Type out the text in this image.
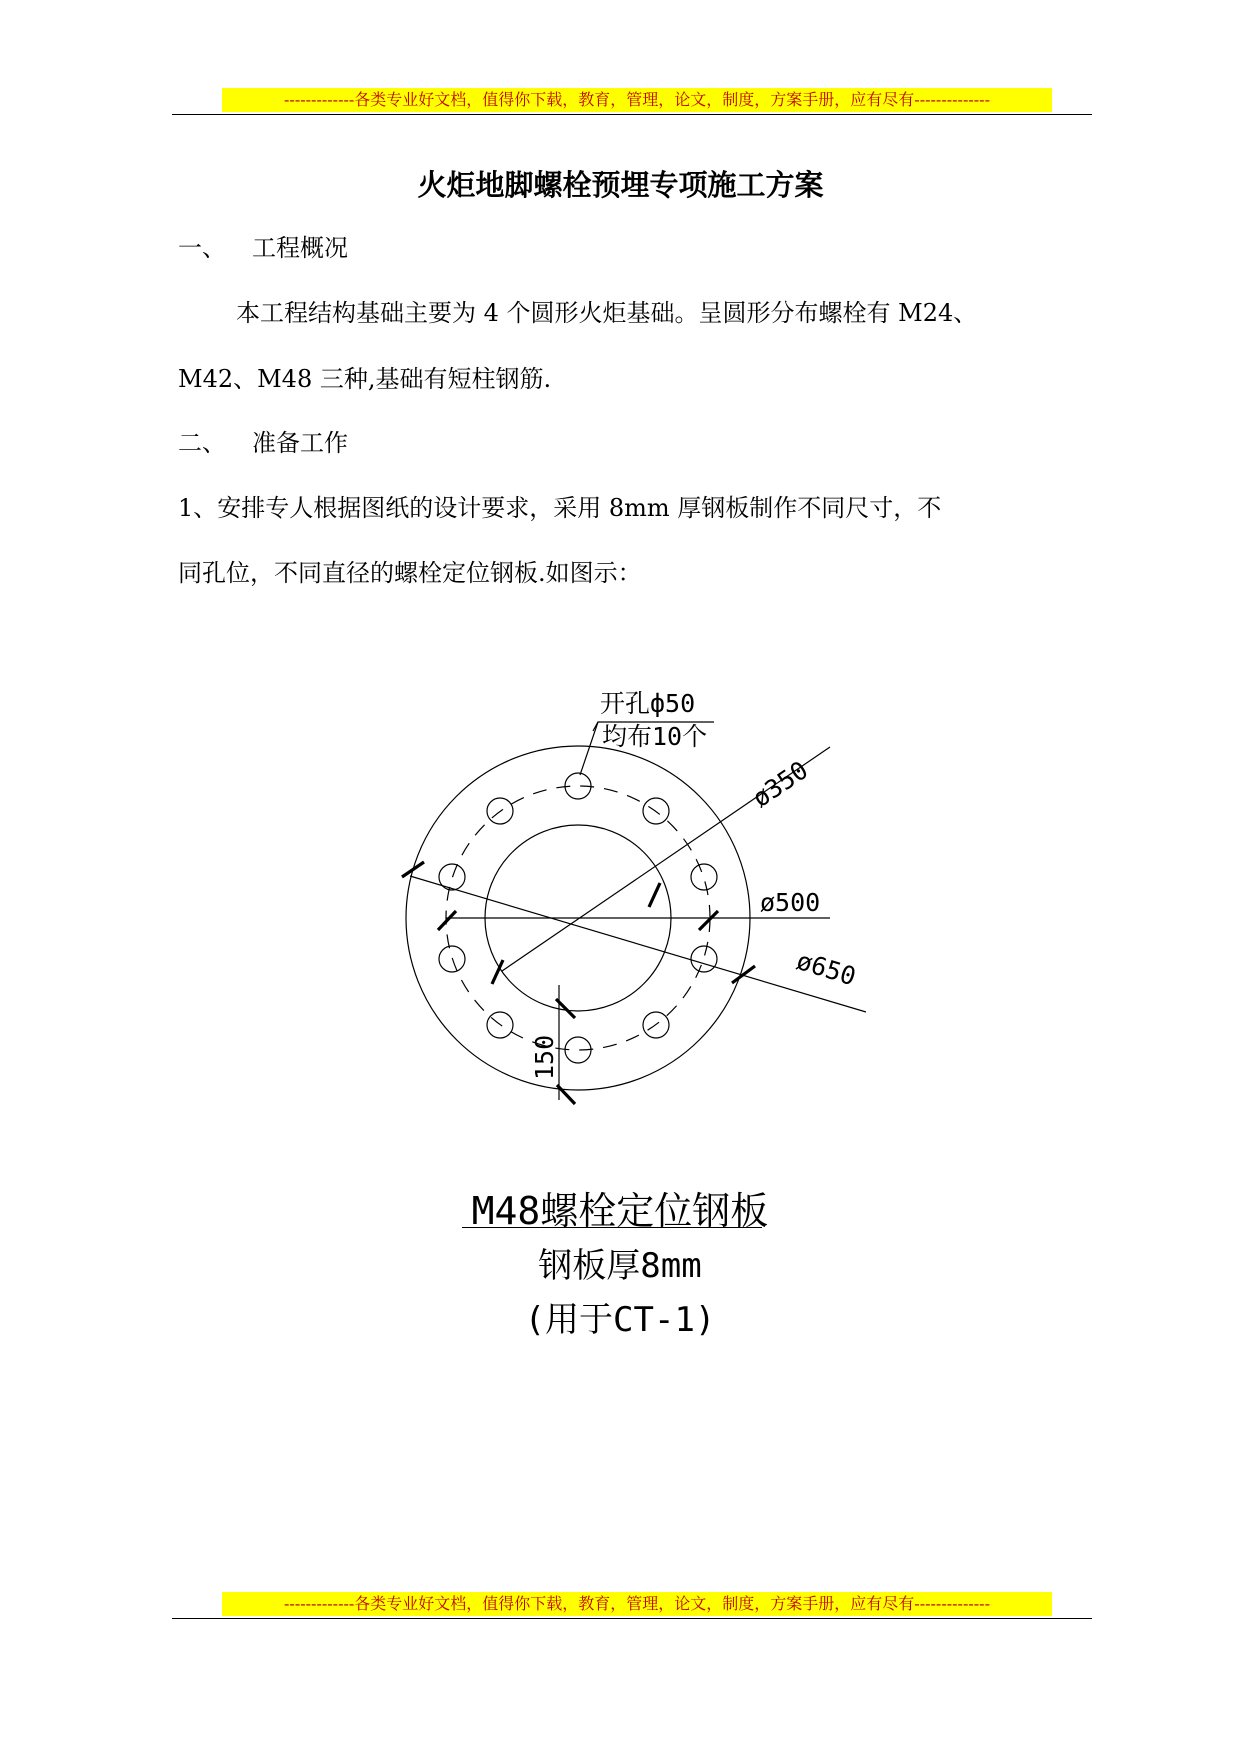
-------------各类专业好文档，值得你下载，教育，管理，论文，制度，方案手册，应有尽有--------------
火炬地脚螺栓预埋专项施工方案
一、 工程概况
本工程结构基础主要为 4 个圆形火炬基础。呈圆形分布螺栓有 M24、
M42、M48 三种,基础有短柱钢筋.
二、 准备工作
1、安排专人根据图纸的设计要求，采用 8mm 厚钢板制作不同尺寸，不
同孔位，不同直径的螺栓定位钢板.如图示：
开孔ф50
均布10个
ø350
ø500
ø650
150
M48螺栓定位钢板
钢板厚8mm
(用于CT-1)
-------------各类专业好文档，值得你下载，教育，管理，论文，制度，方案手册，应有尽有--------------
